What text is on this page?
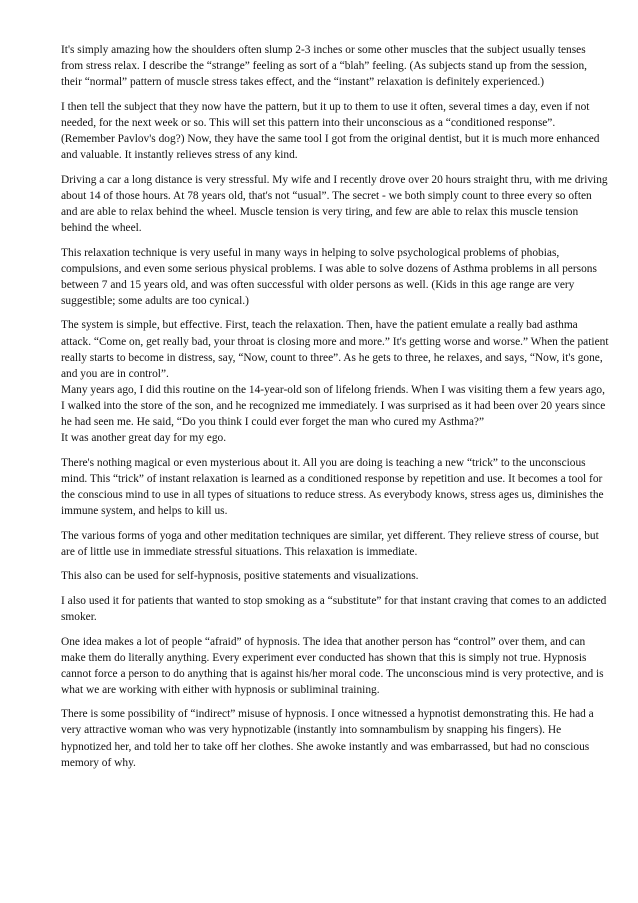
It's simply amazing how the shoulders often slump 2-3 inches or some other muscles that the subject usually tenses from stress relax. I describe the “strange” feeling as sort of a “blah” feeling. (As subjects stand up from the session, their “normal” pattern of muscle stress takes effect, and the “instant” relaxation is definitely experienced.)

I then tell the subject that they now have the pattern, but it up to them to use it often, several times a day, even if not needed, for the next week or so. This will set this pattern into their unconscious as a “conditioned response”. (Remember Pavlov's dog?) Now, they have the same tool I got from the original dentist, but it is much more enhanced and valuable. It instantly relieves stress of any kind.

Driving a car a long distance is very stressful. My wife and I recently drove over 20 hours straight thru, with me driving about 14 of those hours. At 78 years old, that's not “usual”. The secret - we both simply count to three every so often and are able to relax behind the wheel. Muscle tension is very tiring, and few are able to relax this muscle tension behind the wheel.

This relaxation technique is very useful in many ways in helping to solve psychological problems of phobias, compulsions, and even some serious physical problems. I was able to solve dozens of Asthma problems in all persons between 7 and 15 years old, and was often successful with older persons as well. (Kids in this age range are very suggestible; some adults are too cynical.)

The system is simple, but effective. First, teach the relaxation. Then, have the patient emulate a really bad asthma attack. “Come on, get really bad, your throat is closing more and more.” It's getting worse and worse.” When the patient really starts to become in distress, say, “Now, count to three”. As he gets to three, he relaxes, and says, “Now, it's gone, and you are in control”.
Many years ago, I did this routine on the 14-year-old son of lifelong friends. When I was visiting them a few years ago, I walked into the store of the son, and he recognized me immediately. I was surprised as it had been over 20 years since he had seen me. He said, “Do you think I could ever forget the man who cured my Asthma?”
It was another great day for my ego.

There's nothing magical or even mysterious about it. All you are doing is teaching a new “trick” to the unconscious mind. This “trick” of instant relaxation is learned as a conditioned response by repetition and use. It becomes a tool for the conscious mind to use in all types of situations to reduce stress. As everybody knows, stress ages us, diminishes the immune system, and helps to kill us.

The various forms of yoga and other meditation techniques are similar, yet different. They relieve stress of course, but are of little use in immediate stressful situations. This relaxation is immediate.

This also can be used for self-hypnosis, positive statements and visualizations.

I also used it for patients that wanted to stop smoking as a “substitute” for that instant craving that comes to an addicted smoker.

One idea makes a lot of people “afraid” of hypnosis. The idea that another person has “control” over them, and can make them do literally anything. Every experiment ever conducted has shown that this is simply not true. Hypnosis cannot force a person to do anything that is against his/her moral code. The unconscious mind is very protective, and is what we are working with either with hypnosis or subliminal training.

There is some possibility of “indirect” misuse of hypnosis. I once witnessed a hypnotist demonstrating this. He had a very attractive woman who was very hypnotizable (instantly into somnambulism by snapping his fingers). He hypnotized her, and told her to take off her clothes. She awoke instantly and was embarrassed, but had no conscious memory of why.
